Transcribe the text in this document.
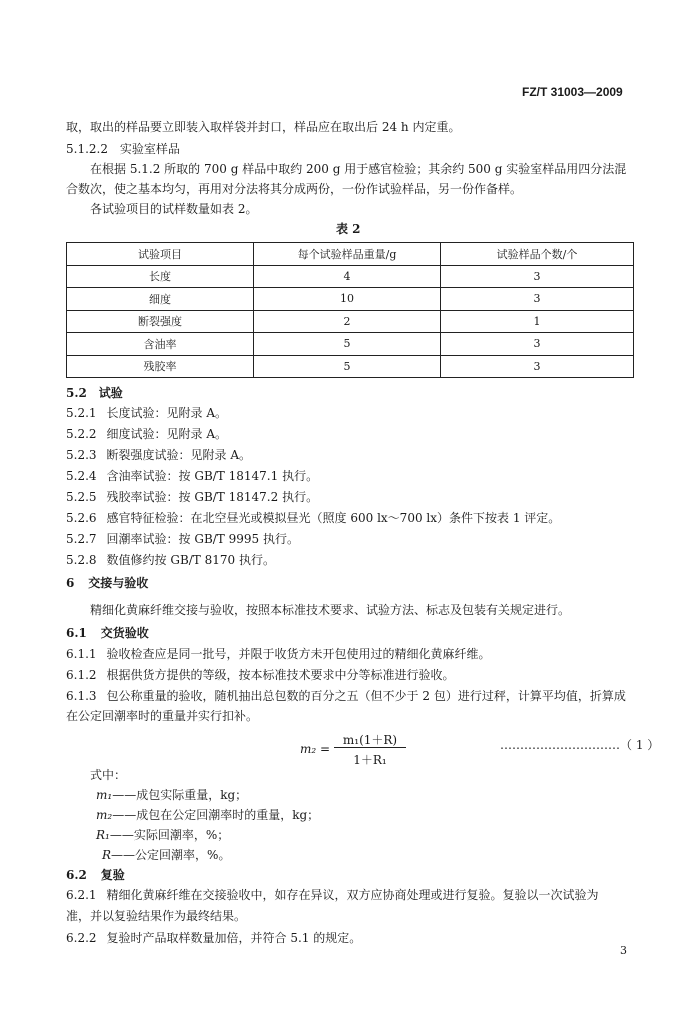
FZ/T 31003—2009
取，取出的样品要立即装入取样袋并封口，样品应在取出后 24 h 内定重。
5.1.2.2 实验室样品
在根据 5.1.2 所取的 700 g 样品中取约 200 g 用于感官检验；其余约 500 g 实验室样品用四分法混
合数次，使之基本均匀，再用对分法将其分成两份，一份作试验样品，另一份作备样。
各试验项目的试样数量如表 2。
表 2
试验项目	每个试验样品重量/g	试验样品个数/个
长度	4	3
细度	10	3
断裂强度	2	1
含油率	5	3
残胶率	5	3
5.2 试验
5.2.1 长度试验：见附录 A。
5.2.2 细度试验：见附录 A。
5.2.3 断裂强度试验：见附录 A。
5.2.4 含油率试验：按 GB/T 18147.1 执行。
5.2.5 残胶率试验：按 GB/T 18147.2 执行。
5.2.6 感官特征检验：在北空昼光或模拟昼光（照度 600 lx～700 lx）条件下按表 1 评定。
5.2.7 回潮率试验：按 GB/T 9995 执行。
5.2.8 数值修约按 GB/T 8170 执行。
6 交接与验收
精细化黄麻纤维交接与验收，按照本标准技术要求、试验方法、标志及包装有关规定进行。
6.1 交货验收
6.1.1 验收检查应是同一批号，并限于收货方未开包使用过的精细化黄麻纤维。
6.1.2 根据供货方提供的等级，按本标准技术要求中分等标准进行验收。
6.1.3 包公称重量的验收，随机抽出总包数的百分之五（但不少于 2 包）进行过秤，计算平均值，折算成
在公定回潮率时的重量并实行扣补。
m₂ =
m₁(1＋R)
1＋R₁
…………………………（ 1 ）
式中：
m₁——成包实际重量，kg；
m₂——成包在公定回潮率时的重量，kg；
R₁——实际回潮率，%；
R——公定回潮率，%。
6.2 复验
6.2.1 精细化黄麻纤维在交接验收中，如存在异议，双方应协商处理或进行复验。复验以一次试验为
准，并以复验结果作为最终结果。
6.2.2 复验时产品取样数量加倍，并符合 5.1 的规定。
3
